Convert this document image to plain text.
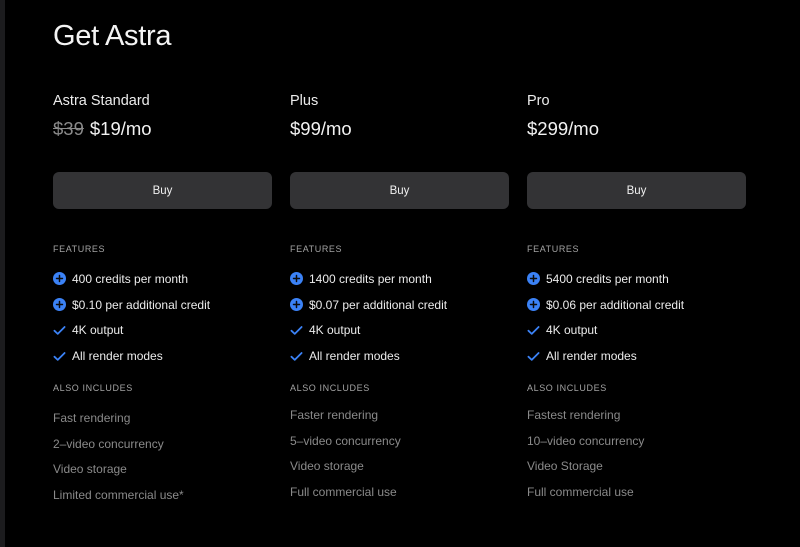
Get Astra
Astra Standard
$39 $19/mo
Buy
FEATURES
400 credits per month
$0.10 per additional credit
4K output
All render modes
ALSO INCLUDES
Fast rendering
2–video concurrency
Video storage
Limited commercial use*
Plus
$99/mo
Buy
FEATURES
1400 credits per month
$0.07 per additional credit
4K output
All render modes
ALSO INCLUDES
Faster rendering
5–video concurrency
Video storage
Full commercial use
Pro
$299/mo
Buy
FEATURES
5400 credits per month
$0.06 per additional credit
4K output
All render modes
ALSO INCLUDES
Fastest rendering
10–video concurrency
Video Storage
Full commercial use
